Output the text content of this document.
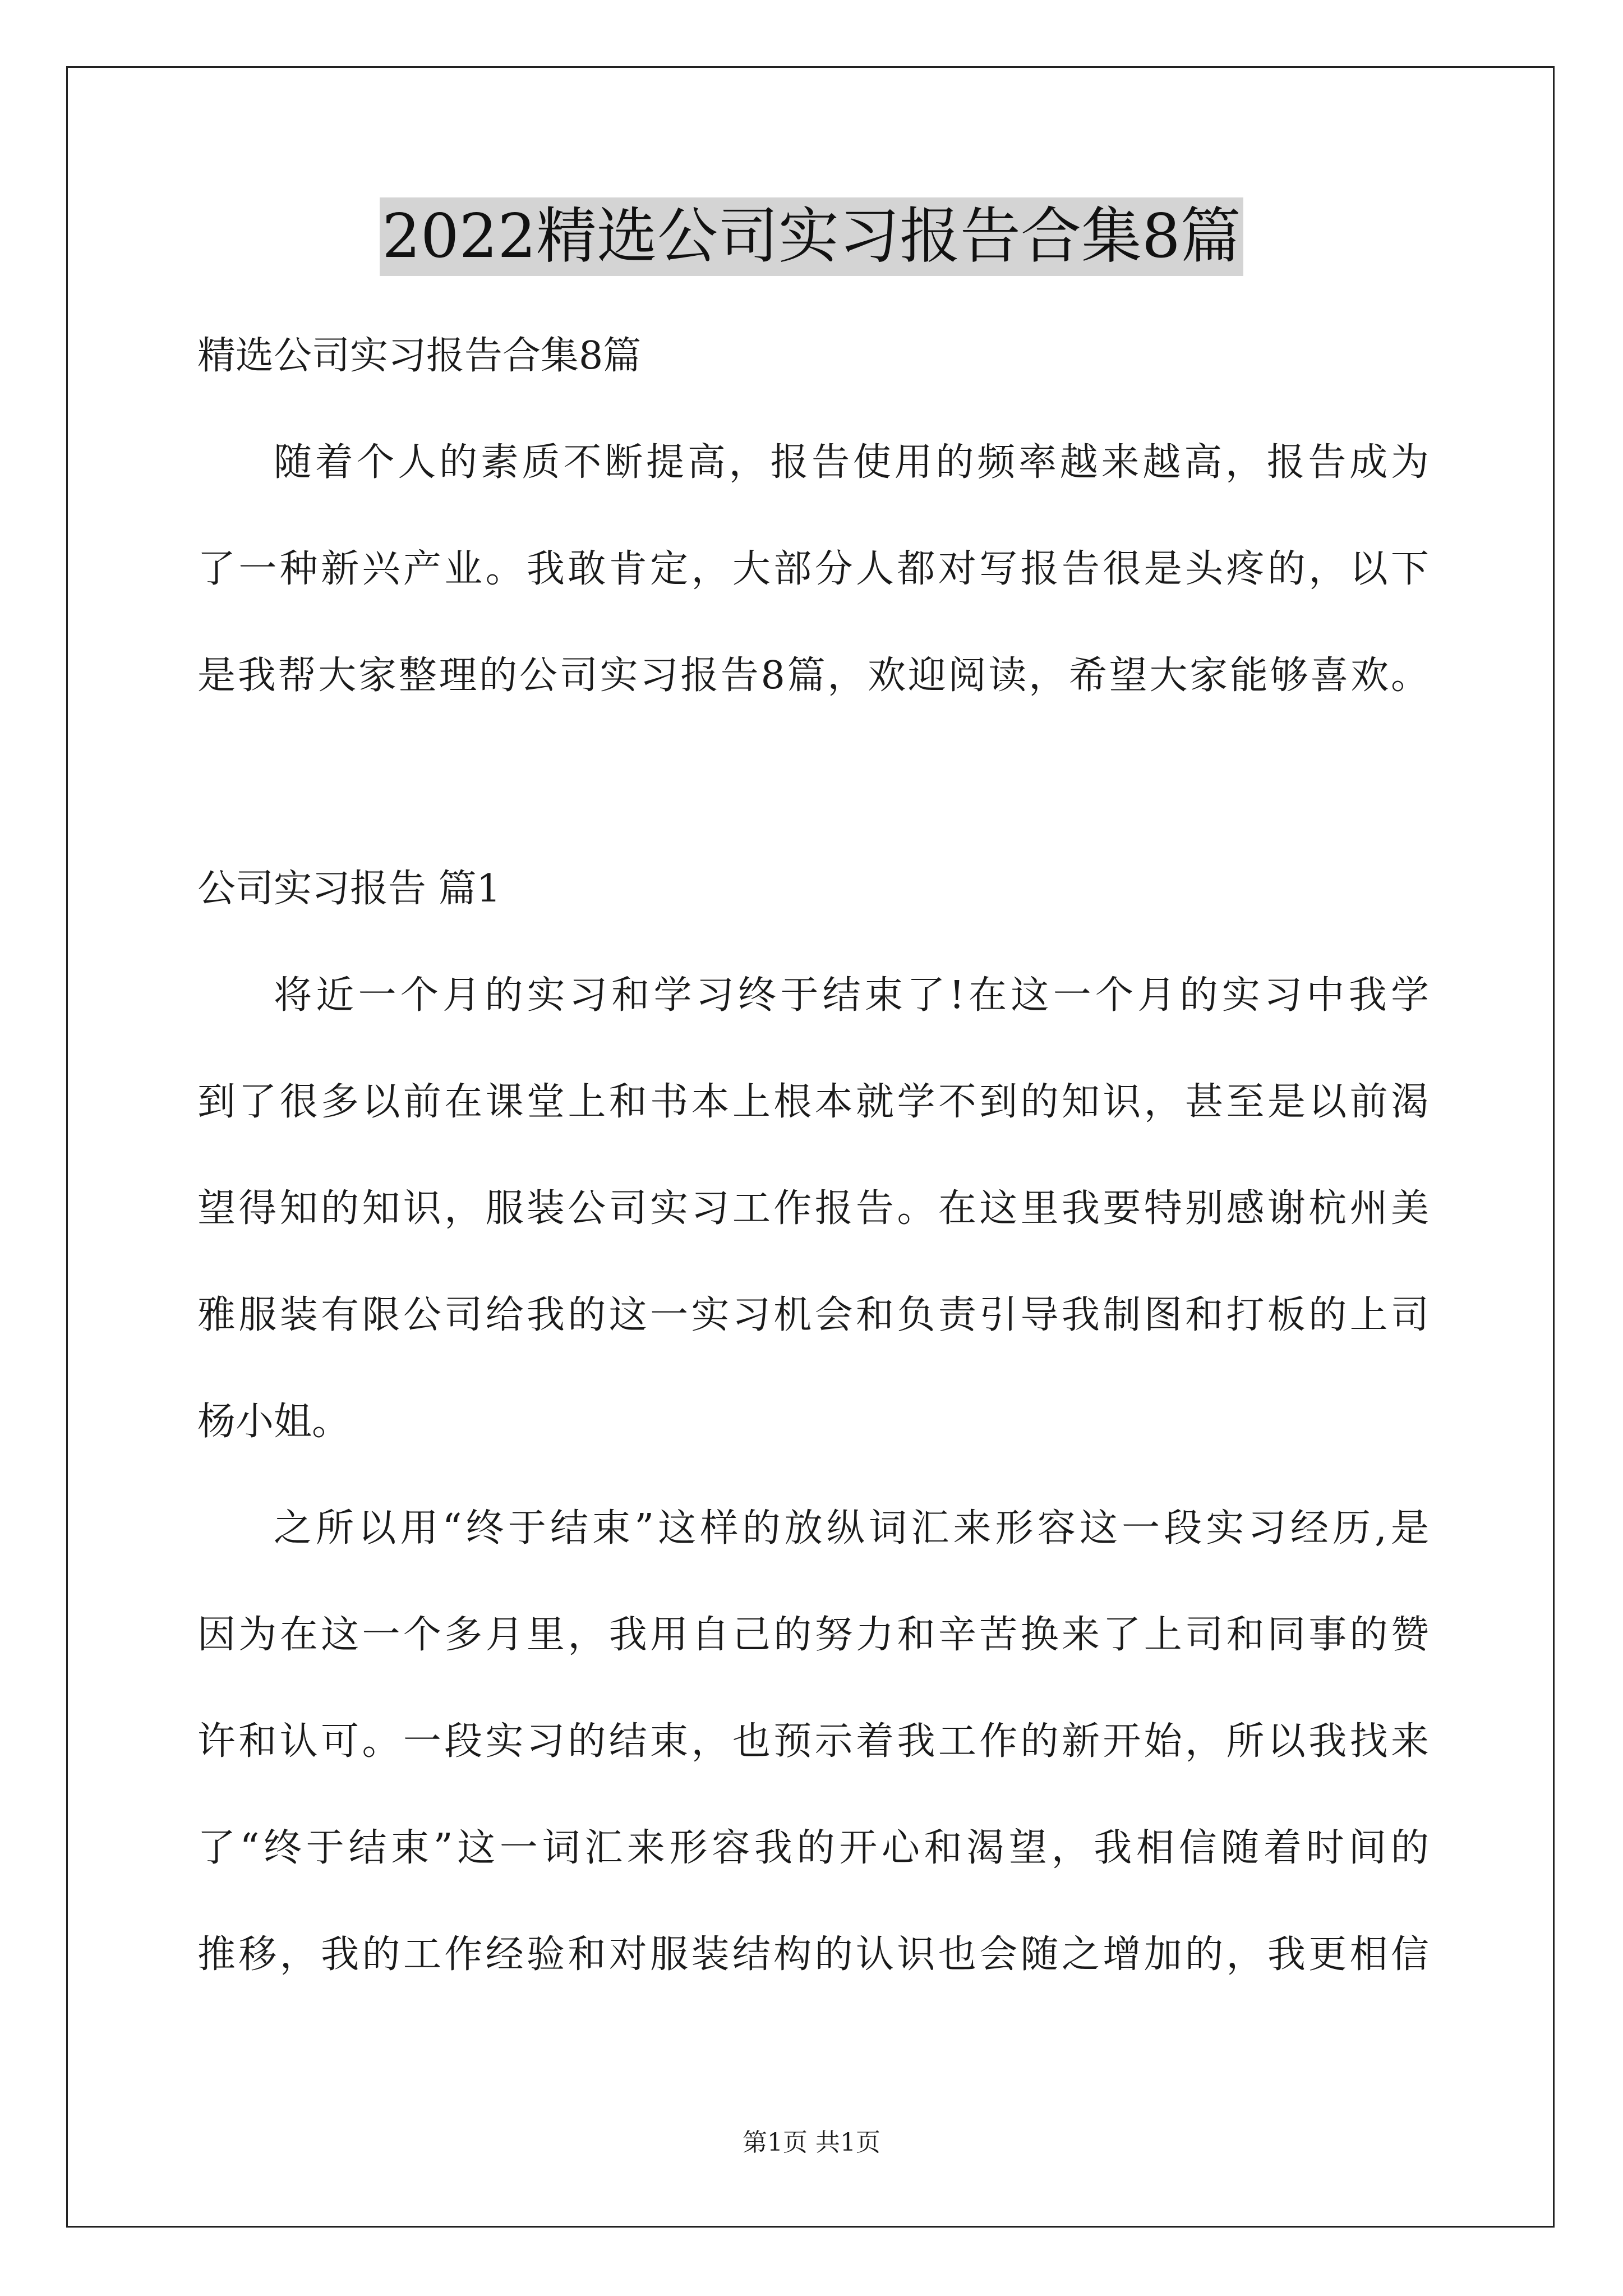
2022精选公司实习报告合集8篇
精选公司实习报告合集8篇
随着个人的素质不断提高，报告使用的频率越来越高，报告成为
了一种新兴产业。我敢肯定，大部分人都对写报告很是头疼的，以下
是我帮大家整理的公司实习报告8篇，欢迎阅读，希望大家能够喜欢。
公司实习报告 篇1
将近一个月的实习和学习终于结束了!在这一个月的实习中我学
到了很多以前在课堂上和书本上根本就学不到的知识，甚至是以前渴
望得知的知识，服装公司实习工作报告。在这里我要特别感谢杭州美
雅服装有限公司给我的这一实习机会和负责引导我制图和打板的上司
杨小姐。
之所以用“终于结束”这样的放纵词汇来形容这一段实习经历,是
因为在这一个多月里，我用自己的努力和辛苦换来了上司和同事的赞
许和认可。一段实习的结束，也预示着我工作的新开始，所以我找来
了“终于结束”这一词汇来形容我的开心和渴望，我相信随着时间的
推移，我的工作经验和对服装结构的认识也会随之增加的，我更相信
第1页 共1页
